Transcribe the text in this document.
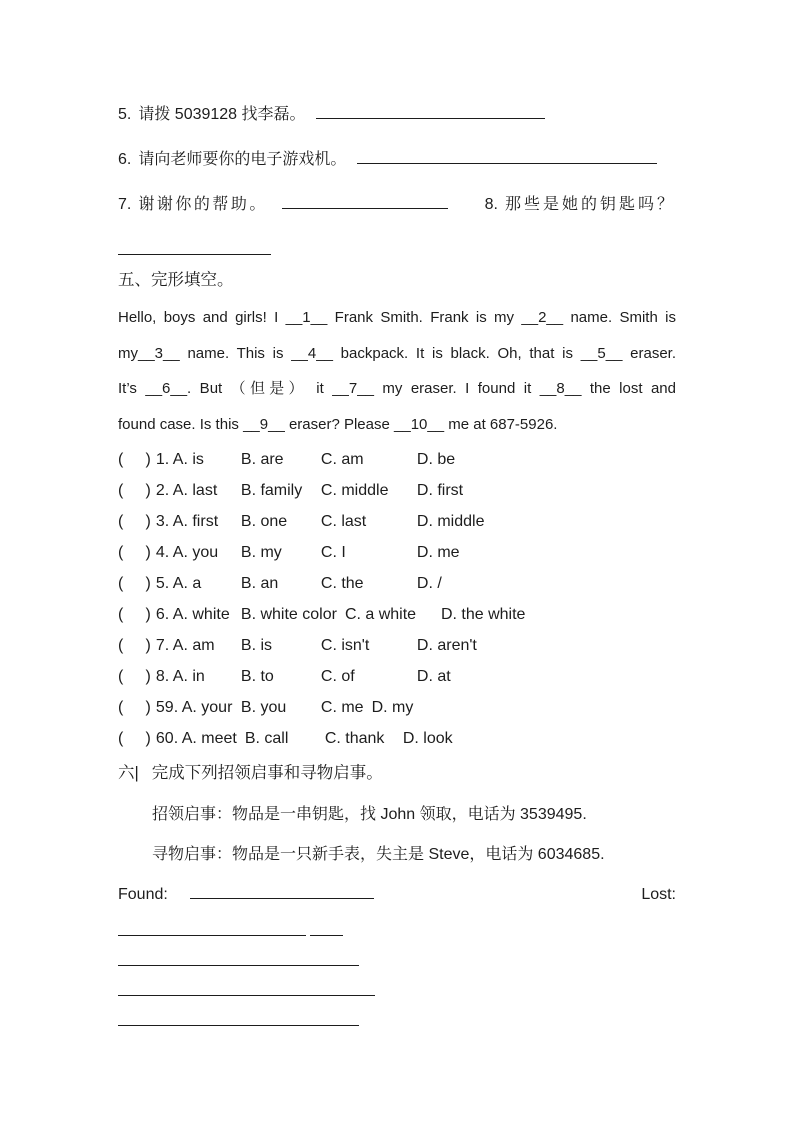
5. 请拨 5039128 找李磊。
6. 请向老师要你的电子游戏机。
7. 谢谢你的帮助。	8. 那些是她的钥匙吗？
五、完形填空。
Hello, boys and girls! I __1__ Frank Smith. Frank is my __2__ name. Smith is
my__3__ name. This is __4__ backpack. It is black. Oh, that is __5__ eraser.
It’s __6__. But （但是） it __7__ my eraser. I found it __8__ the lost and
found case. Is this __9__ eraser? Please __10__ me at 687-5926.
(     ) 1. A. is	B. are	C. am	D. be
(     ) 2. A. last	B. family	C. middle	D. first
(     ) 3. A. first	B. one	C. last	D. middle
(     ) 4. A. you	B. my	C. I	D. me
(     ) 5. A. a	B. an	C. the	D. /
(     ) 6. A. white B. white color C. a white	D. the white
(     ) 7. A. am	B. is	C. isn't	D. aren't
(     ) 8. A. in	B. to	C. of	D. at
(     ) 59. A. your B. you	C. me D. my
(     ) 60. A. meet B. call	C. thank	D. look
六| 完成下列招领启事和寻物启事。
招领启事：物品是一串钥匙，找 John 领取，电话为 3539495.
寻物启事：物品是一只新手表，失主是 Steve，电话为 6034685.
Found:	Lost:
